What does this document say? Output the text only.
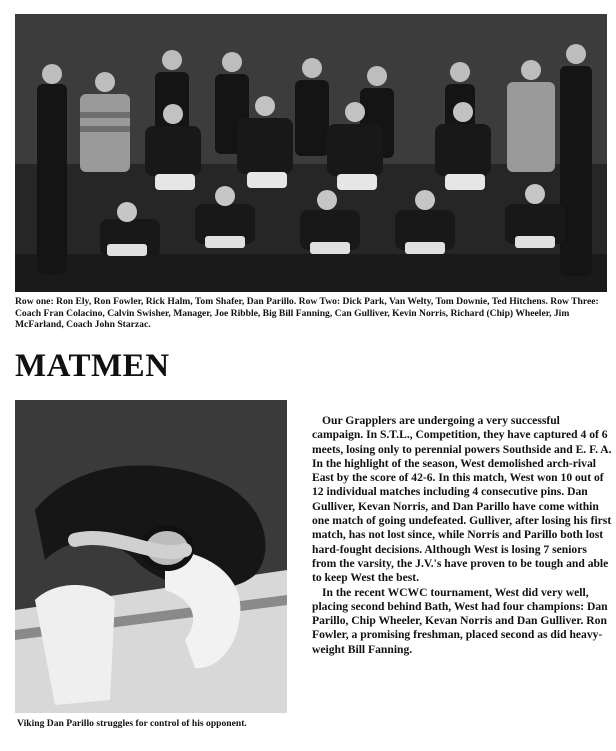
Row one: Ron Ely, Ron Fowler, Rick Halm, Tom Shafer, Dan Parillo. Row Two: Dick Park, Van Welty, Tom Downie, Ted Hitchens. Row Three: Coach Fran Colacino, Calvin Swisher, Manager, Joe Ribble, Big Bill Fanning, Can Gulliver, Kevin Norris, Richard (Chip) Wheeler, Jim McFarland, Coach John Starzac.
MATMEN
Viking Dan Parillo struggles for control of his opponent.

Our Grapplers are undergoing a very successful campaign. In S.T.L., Competition, they have captured 4 of 6 meets, losing only to perennial powers Southside and E. F. A. In the highlight of the season, West demolished arch-rival East by the score of 42-6. In this match, West won 10 out of 12 individual matches including 4 consecutive pins. Dan Gulliver, Kevan Norris, and Dan Parillo have come within one match of going undefeated. Gulliver, after losing his first match, has not lost since, while Norris and Parillo both lost hard-fought decisions. Although West is losing 7 seniors from the varsity, the J.V.'s have proven to be tough and able to keep West the best.

In the recent WCWC tournament, West did very well, placing second behind Bath, West had four champions: Dan Parillo, Chip Wheeler, Kevan Norris and Dan Gulliver. Ron Fowler, a promising freshman, placed second as did heavy-weight Bill Fanning.
